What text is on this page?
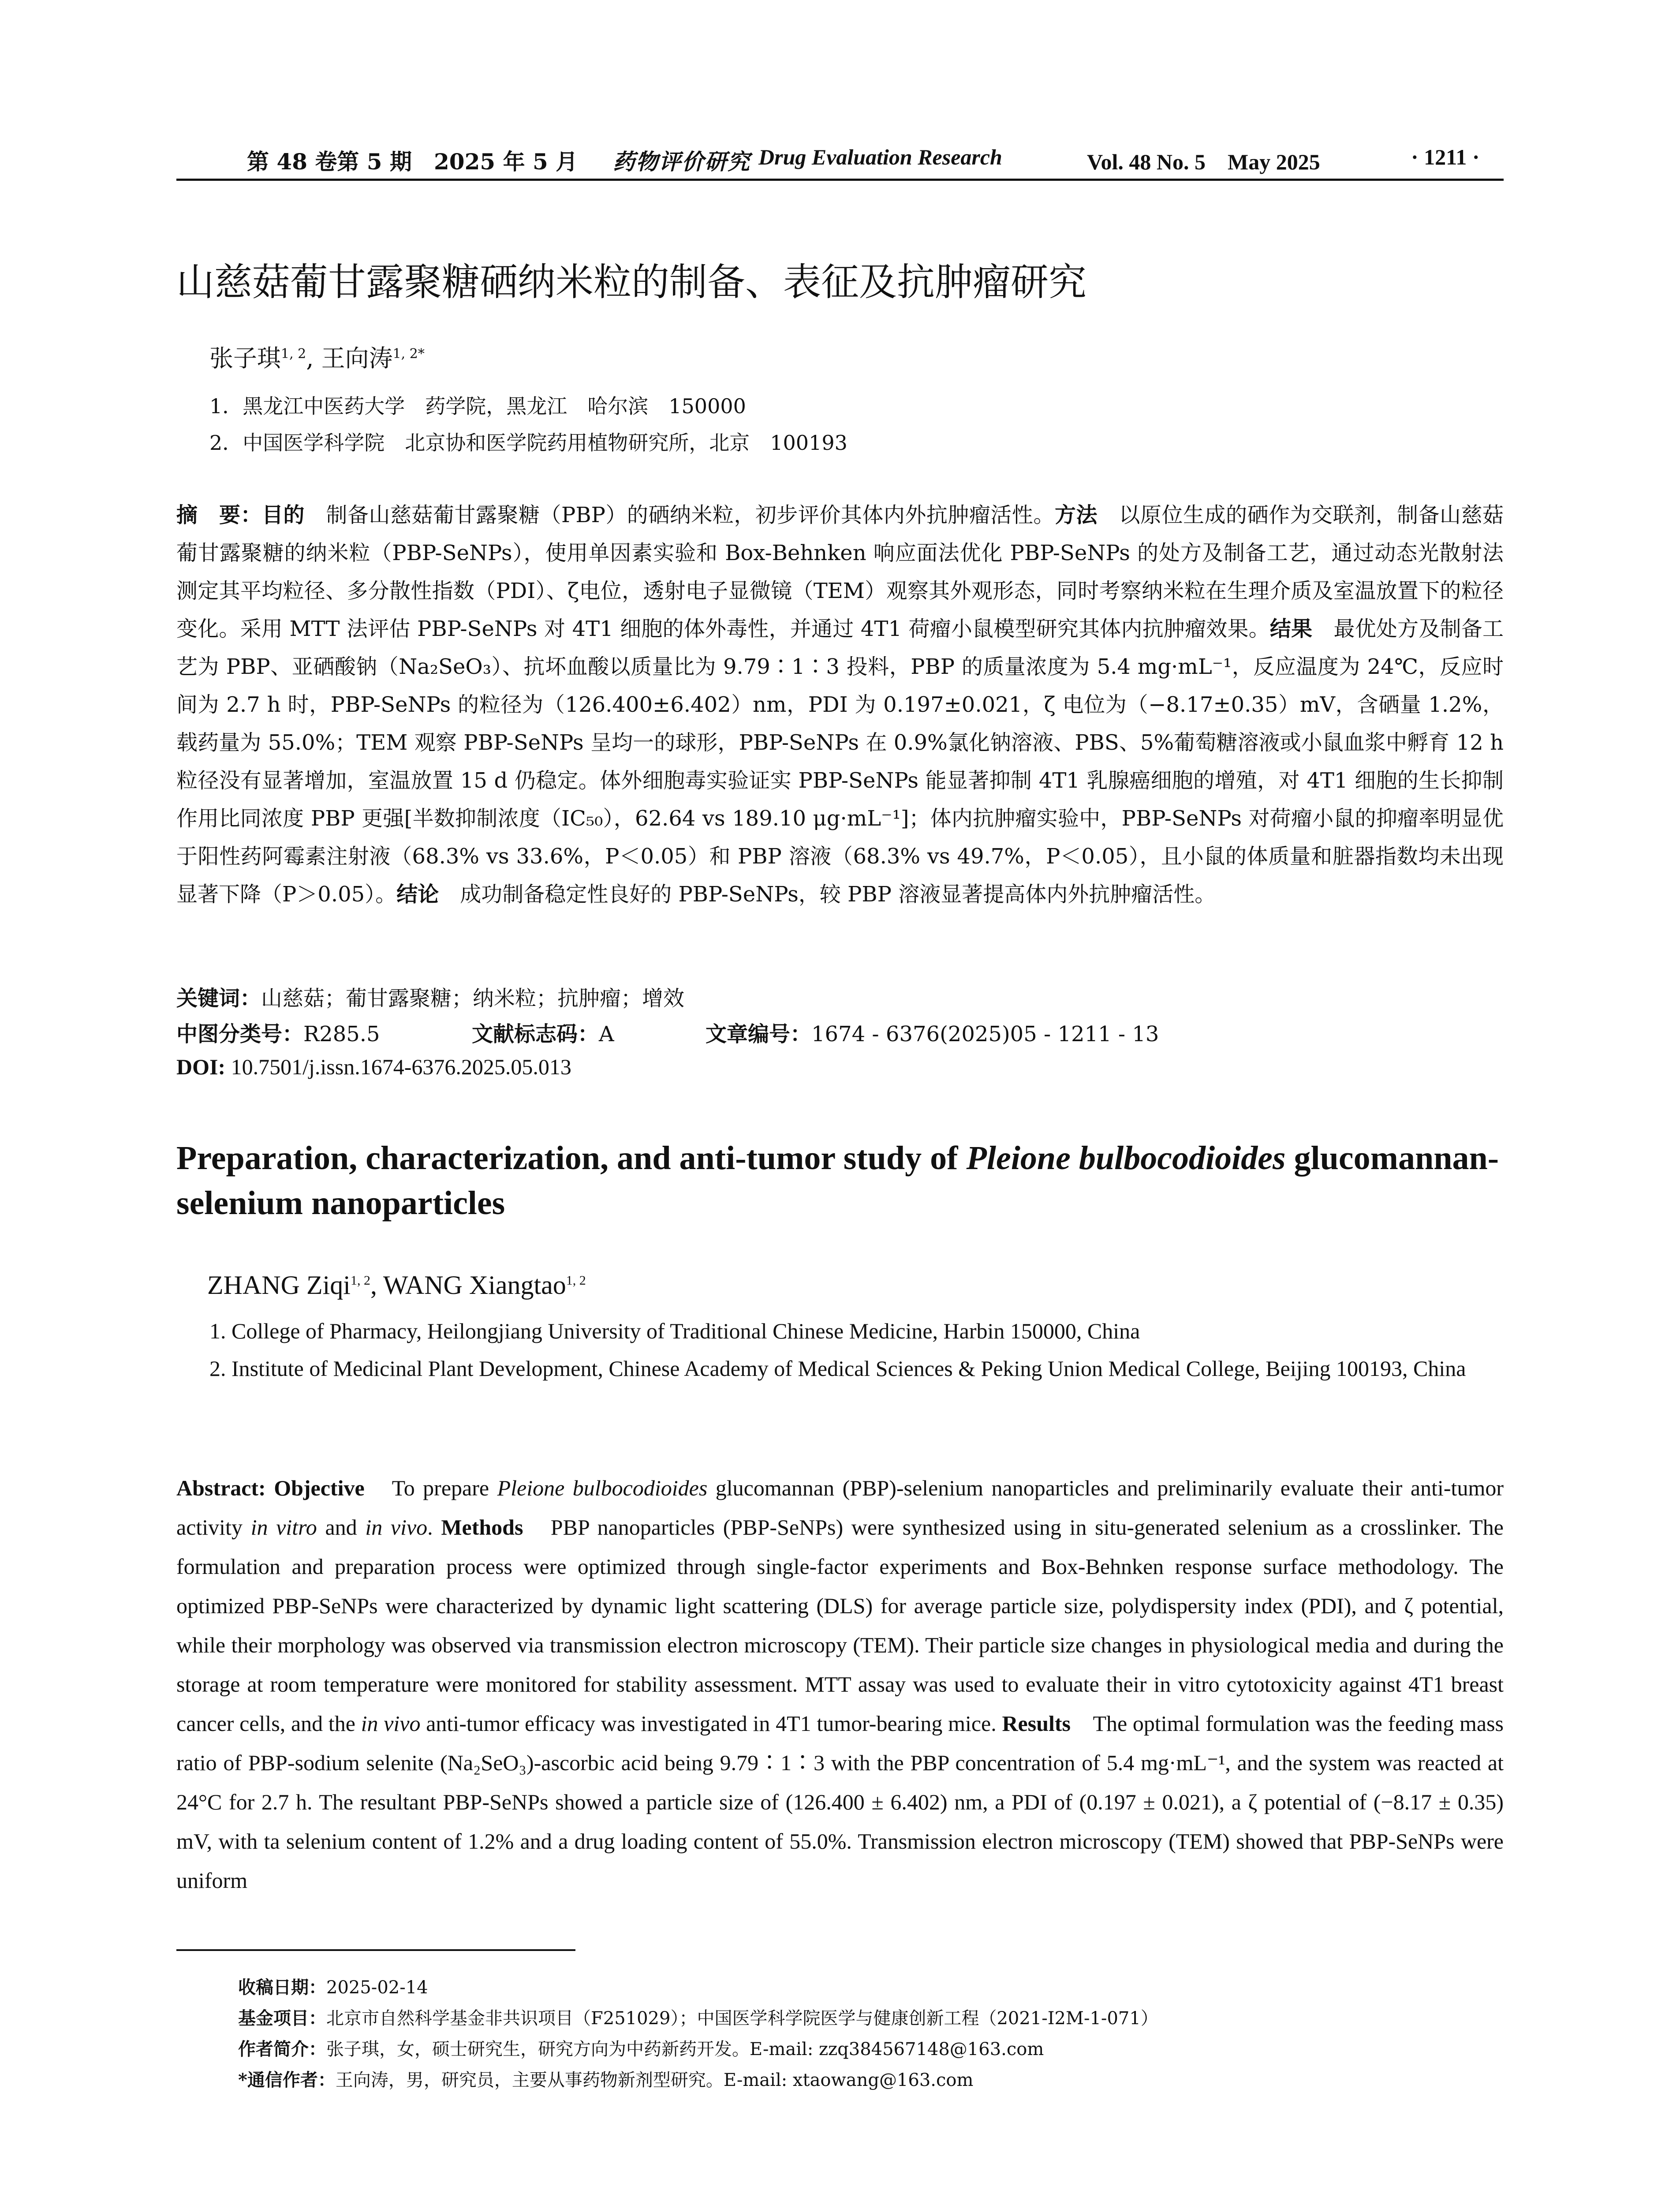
第 48 卷第 5 期　2025 年 5 月 药物评价研究 Drug Evaluation Research	Vol. 48 No. 5　May 2025	· 1211 ·
山慈菇葡甘露聚糖硒纳米粒的制备、表征及抗肿瘤研究
张子琪$^{1, 2}$, 王向涛$^{1, 2*}$
1．黑龙江中医药大学　药学院，黑龙江　哈尔滨　150000
2．中国医学科学院　北京协和医学院药用植物研究所，北京　100193

摘　要：目的　制备山慈菇葡甘露聚糖（PBP）的硒纳米粒，初步评价其体内外抗肿瘤活性。方法　以原位生成的硒作为交联剂，制备山慈菇葡甘露聚糖的纳米粒（PBP-SeNPs），使用单因素实验和 Box-Behnken 响应面法优化 PBP-SeNPs 的处方及制备工艺，通过动态光散射法测定其平均粒径、多分散性指数（PDI）、ζ电位，透射电子显微镜（TEM）观察其外观形态，同时考察纳米粒在生理介质及室温放置下的粒径变化。采用 MTT 法评估 PBP-SeNPs 对 4T1 细胞的体外毒性，并通过 4T1 荷瘤小鼠模型研究其体内抗肿瘤效果。结果　最优处方及制备工艺为 PBP、亚硒酸钠（Na₂SeO₃）、抗坏血酸以质量比为 9.79∶1∶3 投料，PBP 的质量浓度为 5.4 mg·mL⁻¹，反应温度为 24℃，反应时间为 2.7 h 时，PBP-SeNPs 的粒径为（126.400±6.402）nm，PDI 为 0.197±0.021，ζ 电位为（−8.17±0.35）mV，含硒量 1.2%，载药量为 55.0%；TEM 观察 PBP-SeNPs 呈均一的球形，PBP-SeNPs 在 0.9%氯化钠溶液、PBS、5%葡萄糖溶液或小鼠血浆中孵育 12 h 粒径没有显著增加，室温放置 15 d 仍稳定。体外细胞毒实验证实 PBP-SeNPs 能显著抑制 4T1 乳腺癌细胞的增殖，对 4T1 细胞的生长抑制作用比同浓度 PBP 更强[半数抑制浓度（IC₅₀），62.64 vs 189.10 μg·mL⁻¹]；体内抗肿瘤实验中，PBP-SeNPs 对荷瘤小鼠的抑瘤率明显优于阳性药阿霉素注射液（68.3% vs 33.6%，P＜0.05）和 PBP 溶液（68.3% vs 49.7%，P＜0.05），且小鼠的体质量和脏器指数均未出现显著下降（P＞0.05）。结论　成功制备稳定性良好的 PBP-SeNPs，较 PBP 溶液显著提高体内外抗肿瘤活性。

关键词：山慈菇；葡甘露聚糖；纳米粒；抗肿瘤；增效
中图分类号：R285.5	文献标志码：A	文章编号：1674 - 6376(2025)05 - 1211 - 13
DOI: 10.7501/j.issn.1674-6376.2025.05.013
Preparation, characterization, and anti-tumor study of Pleione bulbocodioides glucomannan-selenium nanoparticles
ZHANG Ziqi$^{1, 2}$, WANG Xiangtao$^{1, 2}$
1. College of Pharmacy, Heilongjiang University of Traditional Chinese Medicine, Harbin 150000, China
2. Institute of Medicinal Plant Development, Chinese Academy of Medical Sciences & Peking Union Medical College, Beijing 100193, China

Abstract: Objective　To prepare Pleione bulbocodioides glucomannan (PBP)-selenium nanoparticles and preliminarily evaluate their anti-tumor activity in vitro and in vivo. Methods　PBP nanoparticles (PBP-SeNPs) were synthesized using in situ-generated selenium as a crosslinker. The formulation and preparation process were optimized through single-factor experiments and Box-Behnken response surface methodology. The optimized PBP-SeNPs were characterized by dynamic light scattering (DLS) for average particle size, polydispersity index (PDI), and ζ potential, while their morphology was observed via transmission electron microscopy (TEM). Their particle size changes in physiological media and during the storage at room temperature were monitored for stability assessment. MTT assay was used to evaluate their in vitro cytotoxicity against 4T1 breast cancer cells, and the in vivo anti-tumor efficacy was investigated in 4T1 tumor-bearing mice. Results　The optimal formulation was the feeding mass ratio of PBP-sodium selenite (Na₂SeO₃)-ascorbic acid being 9.79∶1∶3 with the PBP concentration of 5.4 mg·mL⁻¹, and the system was reacted at 24°C for 2.7 h. The resultant PBP-SeNPs showed a particle size of (126.400 ± 6.402) nm, a PDI of (0.197 ± 0.021), a ζ potential of (−8.17 ± 0.35) mV, with ta selenium content of 1.2% and a drug loading content of 55.0%. Transmission electron microscopy (TEM) showed that PBP-SeNPs were uniform

收稿日期：2025-02-14
基金项目：北京市自然科学基金非共识项目（F251029）；中国医学科学院医学与健康创新工程（2021-I2M-1-071）
作者简介：张子琪，女，硕士研究生，研究方向为中药新药开发。E-mail: zzq384567148@163.com
*通信作者：王向涛，男，研究员，主要从事药物新剂型研究。E-mail: xtaowang@163.com
